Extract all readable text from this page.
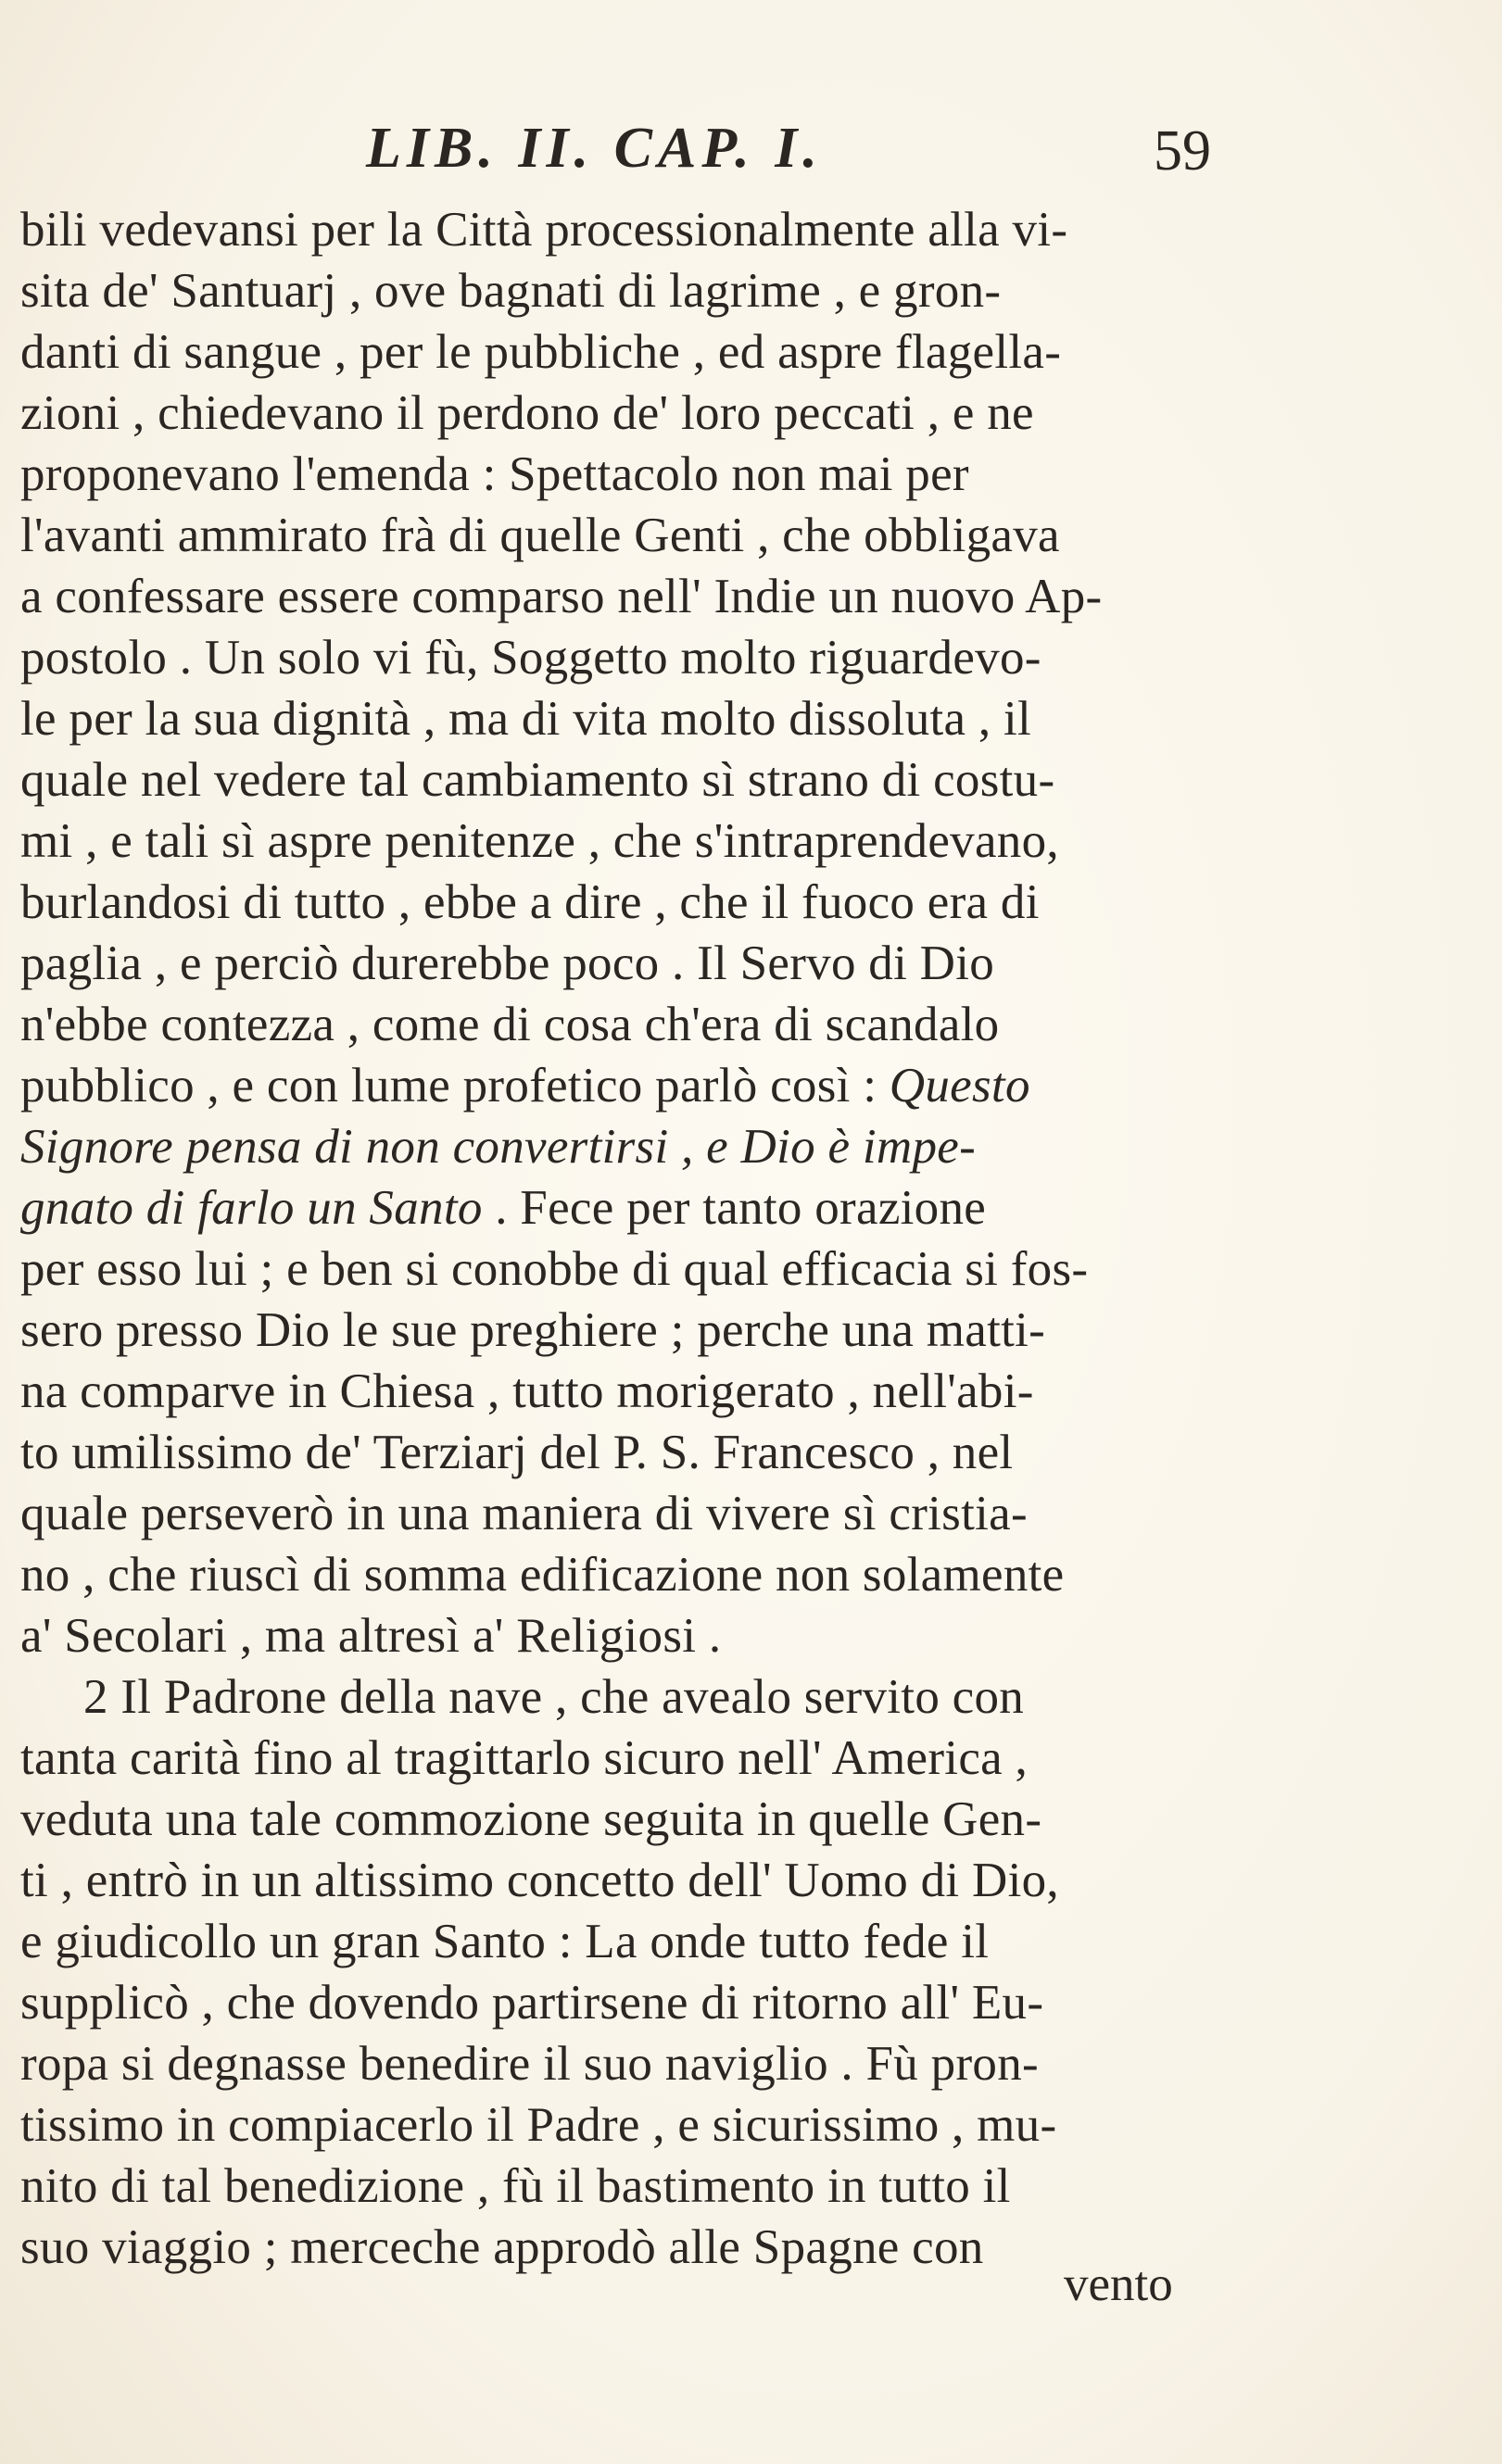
LIB. II. CAP. I.	59
bili vedevansi per la Città processionalmente alla vi-
sita de' Santuarj , ove bagnati di lagrime , e gron-
danti di sangue , per le pubbliche , ed aspre flagella-
zioni , chiedevano il perdono de' loro peccati , e ne
proponevano l'emenda : Spettacolo non mai per
l'avanti ammirato frà di quelle Genti , che obbligava
a confessare essere comparso nell' Indie un nuovo Ap-
postolo . Un solo vi fù, Soggetto molto riguardevo-
le per la sua dignità , ma di vita molto dissoluta , il
quale nel vedere tal cambiamento sì strano di costu-
mi , e tali sì aspre penitenze , che s'intraprendevano,
burlandosi di tutto , ebbe a dire , che il fuoco era di
paglia , e perciò durerebbe poco . Il Servo di Dio
n'ebbe contezza , come di cosa ch'era di scandalo
pubblico , e con lume profetico parlò così : Questo
Signore pensa di non convertirsi , e Dio è impe-
gnato di farlo un Santo . Fece per tanto orazione
per esso lui ; e ben si conobbe di qual efficacia si fos-
sero presso Dio le sue preghiere ; perche una matti-
na comparve in Chiesa , tutto morigerato , nell'abi-
to umilissimo de' Terziarj del P. S. Francesco , nel
quale perseverò in una maniera di vivere sì cristia-
no , che riuscì di somma edificazione non solamente
a' Secolari , ma altresì a' Religiosi .
2 Il Padrone della nave , che avealo servito con
tanta carità fino al tragittarlo sicuro nell' America ,
veduta una tale commozione seguita in quelle Gen-
ti , entrò in un altissimo concetto dell' Uomo di Dio,
e giudicollo un gran Santo : La onde tutto fede il
supplicò , che dovendo partirsene di ritorno all' Eu-
ropa si degnasse benedire il suo naviglio . Fù pron-
tissimo in compiacerlo il Padre , e sicurissimo , mu-
nito di tal benedizione , fù il bastimento in tutto il
suo viaggio ; merceche approdò alle Spagne con
vento
